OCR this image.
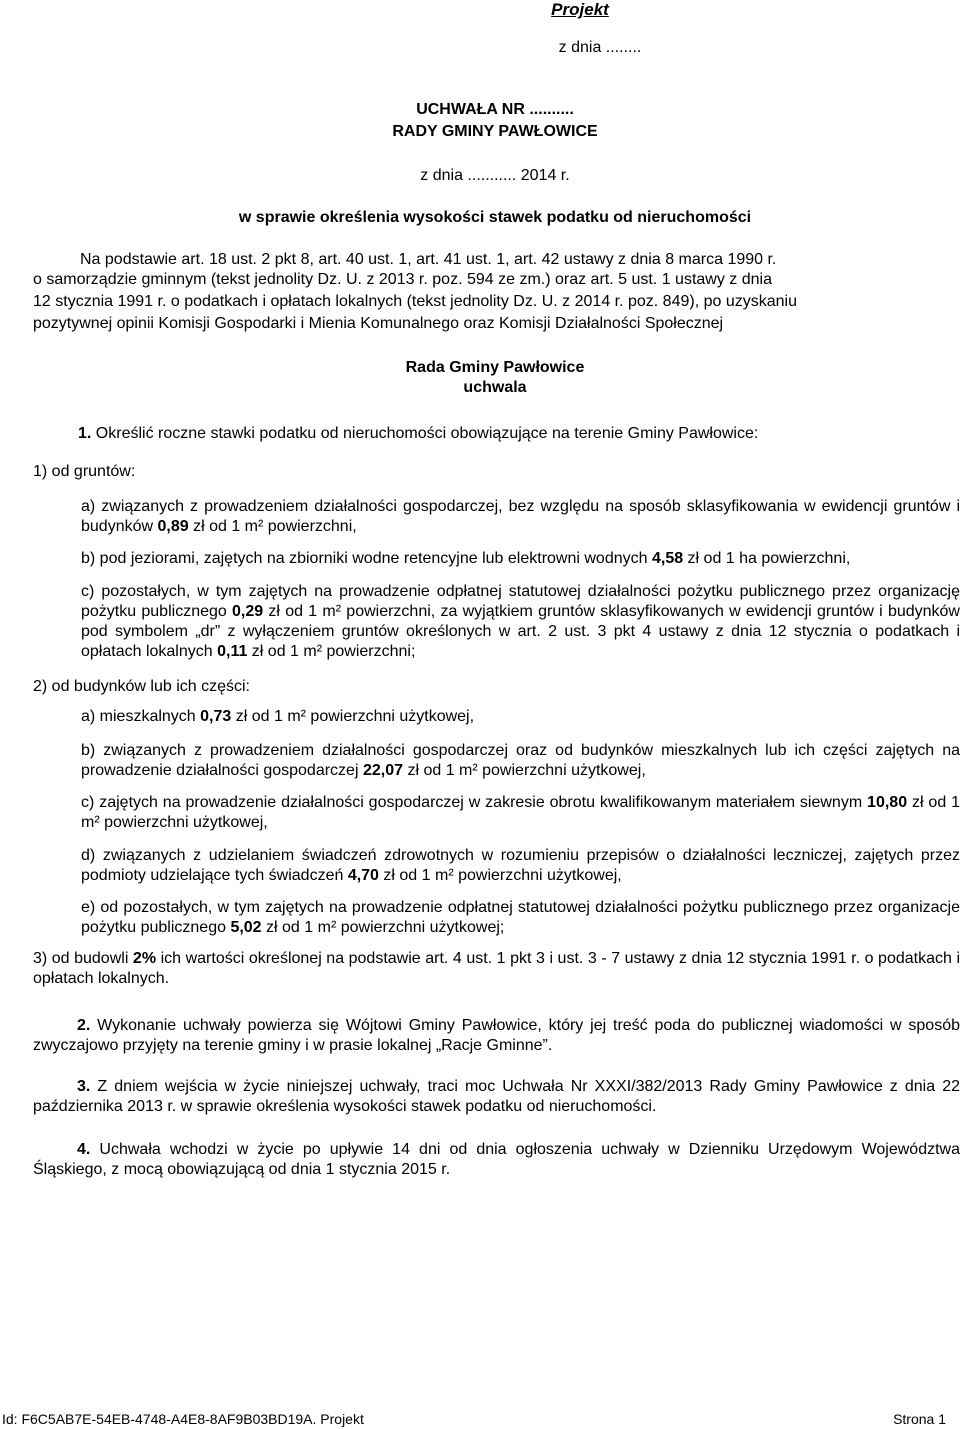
Projekt
z dnia ........
UCHWAŁA NR ..........
RADY GMINY PAWŁOWICE
z dnia ........... 2014 r.
w sprawie określenia wysokości stawek podatku od nieruchomości
Na podstawie art. 18 ust. 2 pkt 8, art. 40 ust. 1, art. 41 ust. 1, art. 42 ustawy z dnia 8 marca 1990 r.
o samorządzie gminnym (tekst jednolity Dz. U. z 2013 r. poz. 594 ze zm.) oraz art. 5 ust. 1 ustawy z dnia
12 stycznia 1991 r. o podatkach i opłatach lokalnych (tekst jednolity Dz. U. z 2014 r. poz. 849), po uzyskaniu
pozytywnej opinii Komisji Gospodarki i Mienia Komunalnego oraz Komisji Działalności Społecznej
Rada Gminy Pawłowice
uchwala
1. Określić roczne stawki podatku od nieruchomości obowiązujące na terenie Gminy Pawłowice:
1) od gruntów:
a) związanych z prowadzeniem działalności gospodarczej, bez względu na sposób sklasyfikowania w ewidencji gruntów i budynków 0,89 zł od 1 m² powierzchni,
b) pod jeziorami, zajętych na zbiorniki wodne retencyjne lub elektrowni wodnych 4,58 zł od 1 ha powierzchni,
c) pozostałych, w tym zajętych na prowadzenie odpłatnej statutowej działalności pożytku publicznego przez organizację pożytku publicznego 0,29 zł od 1 m² powierzchni, za wyjątkiem gruntów sklasyfikowanych w ewidencji gruntów i budynków pod symbolem „dr” z wyłączeniem gruntów określonych w art. 2 ust. 3 pkt 4 ustawy z dnia 12 stycznia o podatkach i opłatach lokalnych 0,11 zł od 1 m² powierzchni;
2) od budynków lub ich części:
a) mieszkalnych 0,73 zł od 1 m² powierzchni użytkowej,
b) związanych z prowadzeniem działalności gospodarczej oraz od budynków mieszkalnych lub ich części zajętych na prowadzenie działalności gospodarczej 22,07 zł od 1 m² powierzchni użytkowej,
c) zajętych na prowadzenie działalności gospodarczej w zakresie obrotu kwalifikowanym materiałem siewnym 10,80 zł od 1 m² powierzchni użytkowej,
d) związanych z udzielaniem świadczeń zdrowotnych w rozumieniu przepisów o działalności leczniczej, zajętych przez podmioty udzielające tych świadczeń 4,70 zł od 1 m² powierzchni użytkowej,
e) od pozostałych, w tym zajętych na prowadzenie odpłatnej statutowej działalności pożytku publicznego przez organizacje pożytku publicznego 5,02 zł od 1 m² powierzchni użytkowej;
3) od budowli 2% ich wartości określonej na podstawie art. 4 ust. 1 pkt 3 i ust. 3 - 7 ustawy z dnia 12 stycznia 1991 r. o podatkach i opłatach lokalnych.
2. Wykonanie uchwały powierza się Wójtowi Gminy Pawłowice, który jej treść poda do publicznej wiadomości w sposób zwyczajowo przyjęty na terenie gminy i w prasie lokalnej „Racje Gminne”.
3. Z dniem wejścia w życie niniejszej uchwały, traci moc Uchwała Nr XXXI/382/2013 Rady Gminy Pawłowice z dnia 22 października 2013 r. w sprawie określenia wysokości stawek podatku od nieruchomości.
4. Uchwała wchodzi w życie po upływie 14 dni od dnia ogłoszenia uchwały w Dzienniku Urzędowym Województwa Śląskiego, z mocą obowiązującą od dnia 1 stycznia 2015 r.
Id: F6C5AB7E-54EB-4748-A4E8-8AF9B03BD19A. Projekt	Strona 1
